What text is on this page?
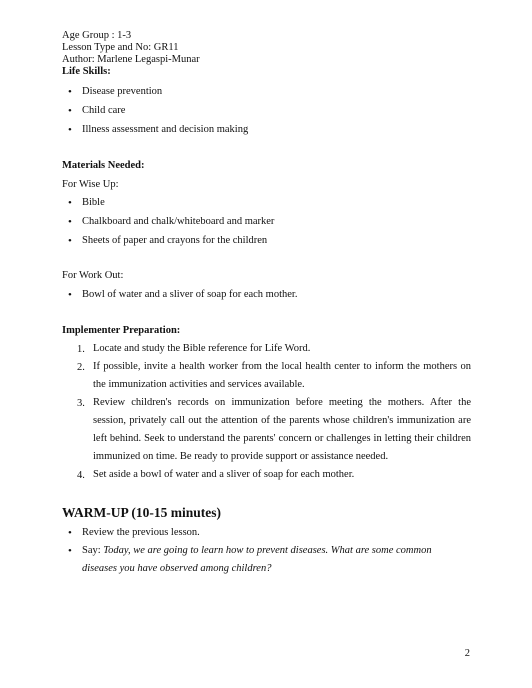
Age Group : 1-3
Lesson Type and No: GR11
Author: Marlene Legaspi-Munar
Life Skills:
• Disease prevention
• Child care
• Illness assessment and decision making
Materials Needed:
For Wise Up:
• Bible
• Chalkboard and chalk/whiteboard and marker
• Sheets of paper and crayons for the children
For Work Out:
• Bowl of water and a sliver of soap for each mother.
Implementer Preparation:
1. Locate and study the Bible reference for Life Word.
2. If possible, invite a health worker from the local health center to inform the mothers on the immunization activities and services available.
3. Review children's records on immunization before meeting the mothers. After the session, privately call out the attention of the parents whose children's immunization are left behind. Seek to understand the parents' concern or challenges in letting their children immunized on time. Be ready to provide support or assistance needed.
4. Set aside a bowl of water and a sliver of soap for each mother.
WARM-UP (10-15 minutes)
• Review the previous lesson.
• Say: Today, we are going to learn how to prevent diseases. What are some common
diseases you have observed among children?
2
